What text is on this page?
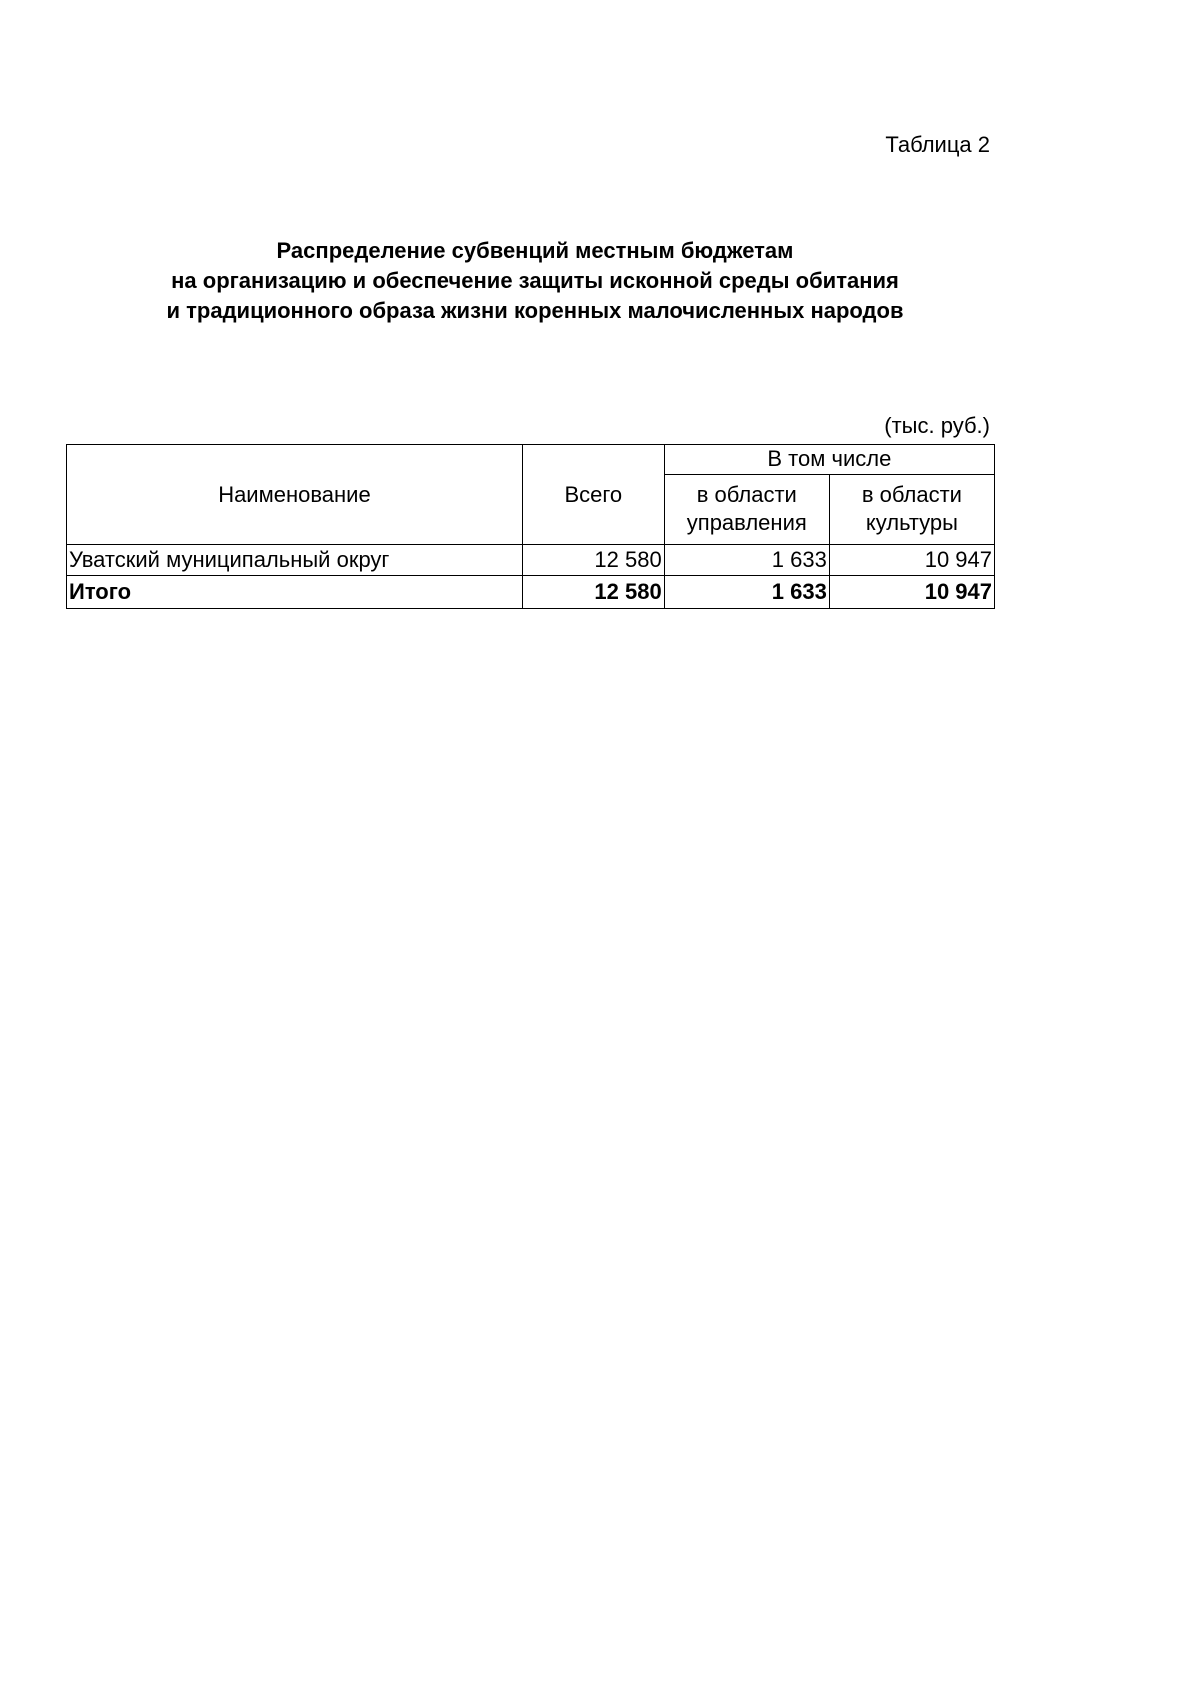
Таблица 2
Распределение субвенций местным бюджетам
на организацию и обеспечение защиты исконной среды обитания
и традиционного образа жизни коренных малочисленных народов
(тыс. руб.)
Наименование	Всего	В том числе	
		в области управления	в области культуры
Уватский муниципальный округ	12 580	1 633	10 947
Итого	12 580	1 633	10 947
